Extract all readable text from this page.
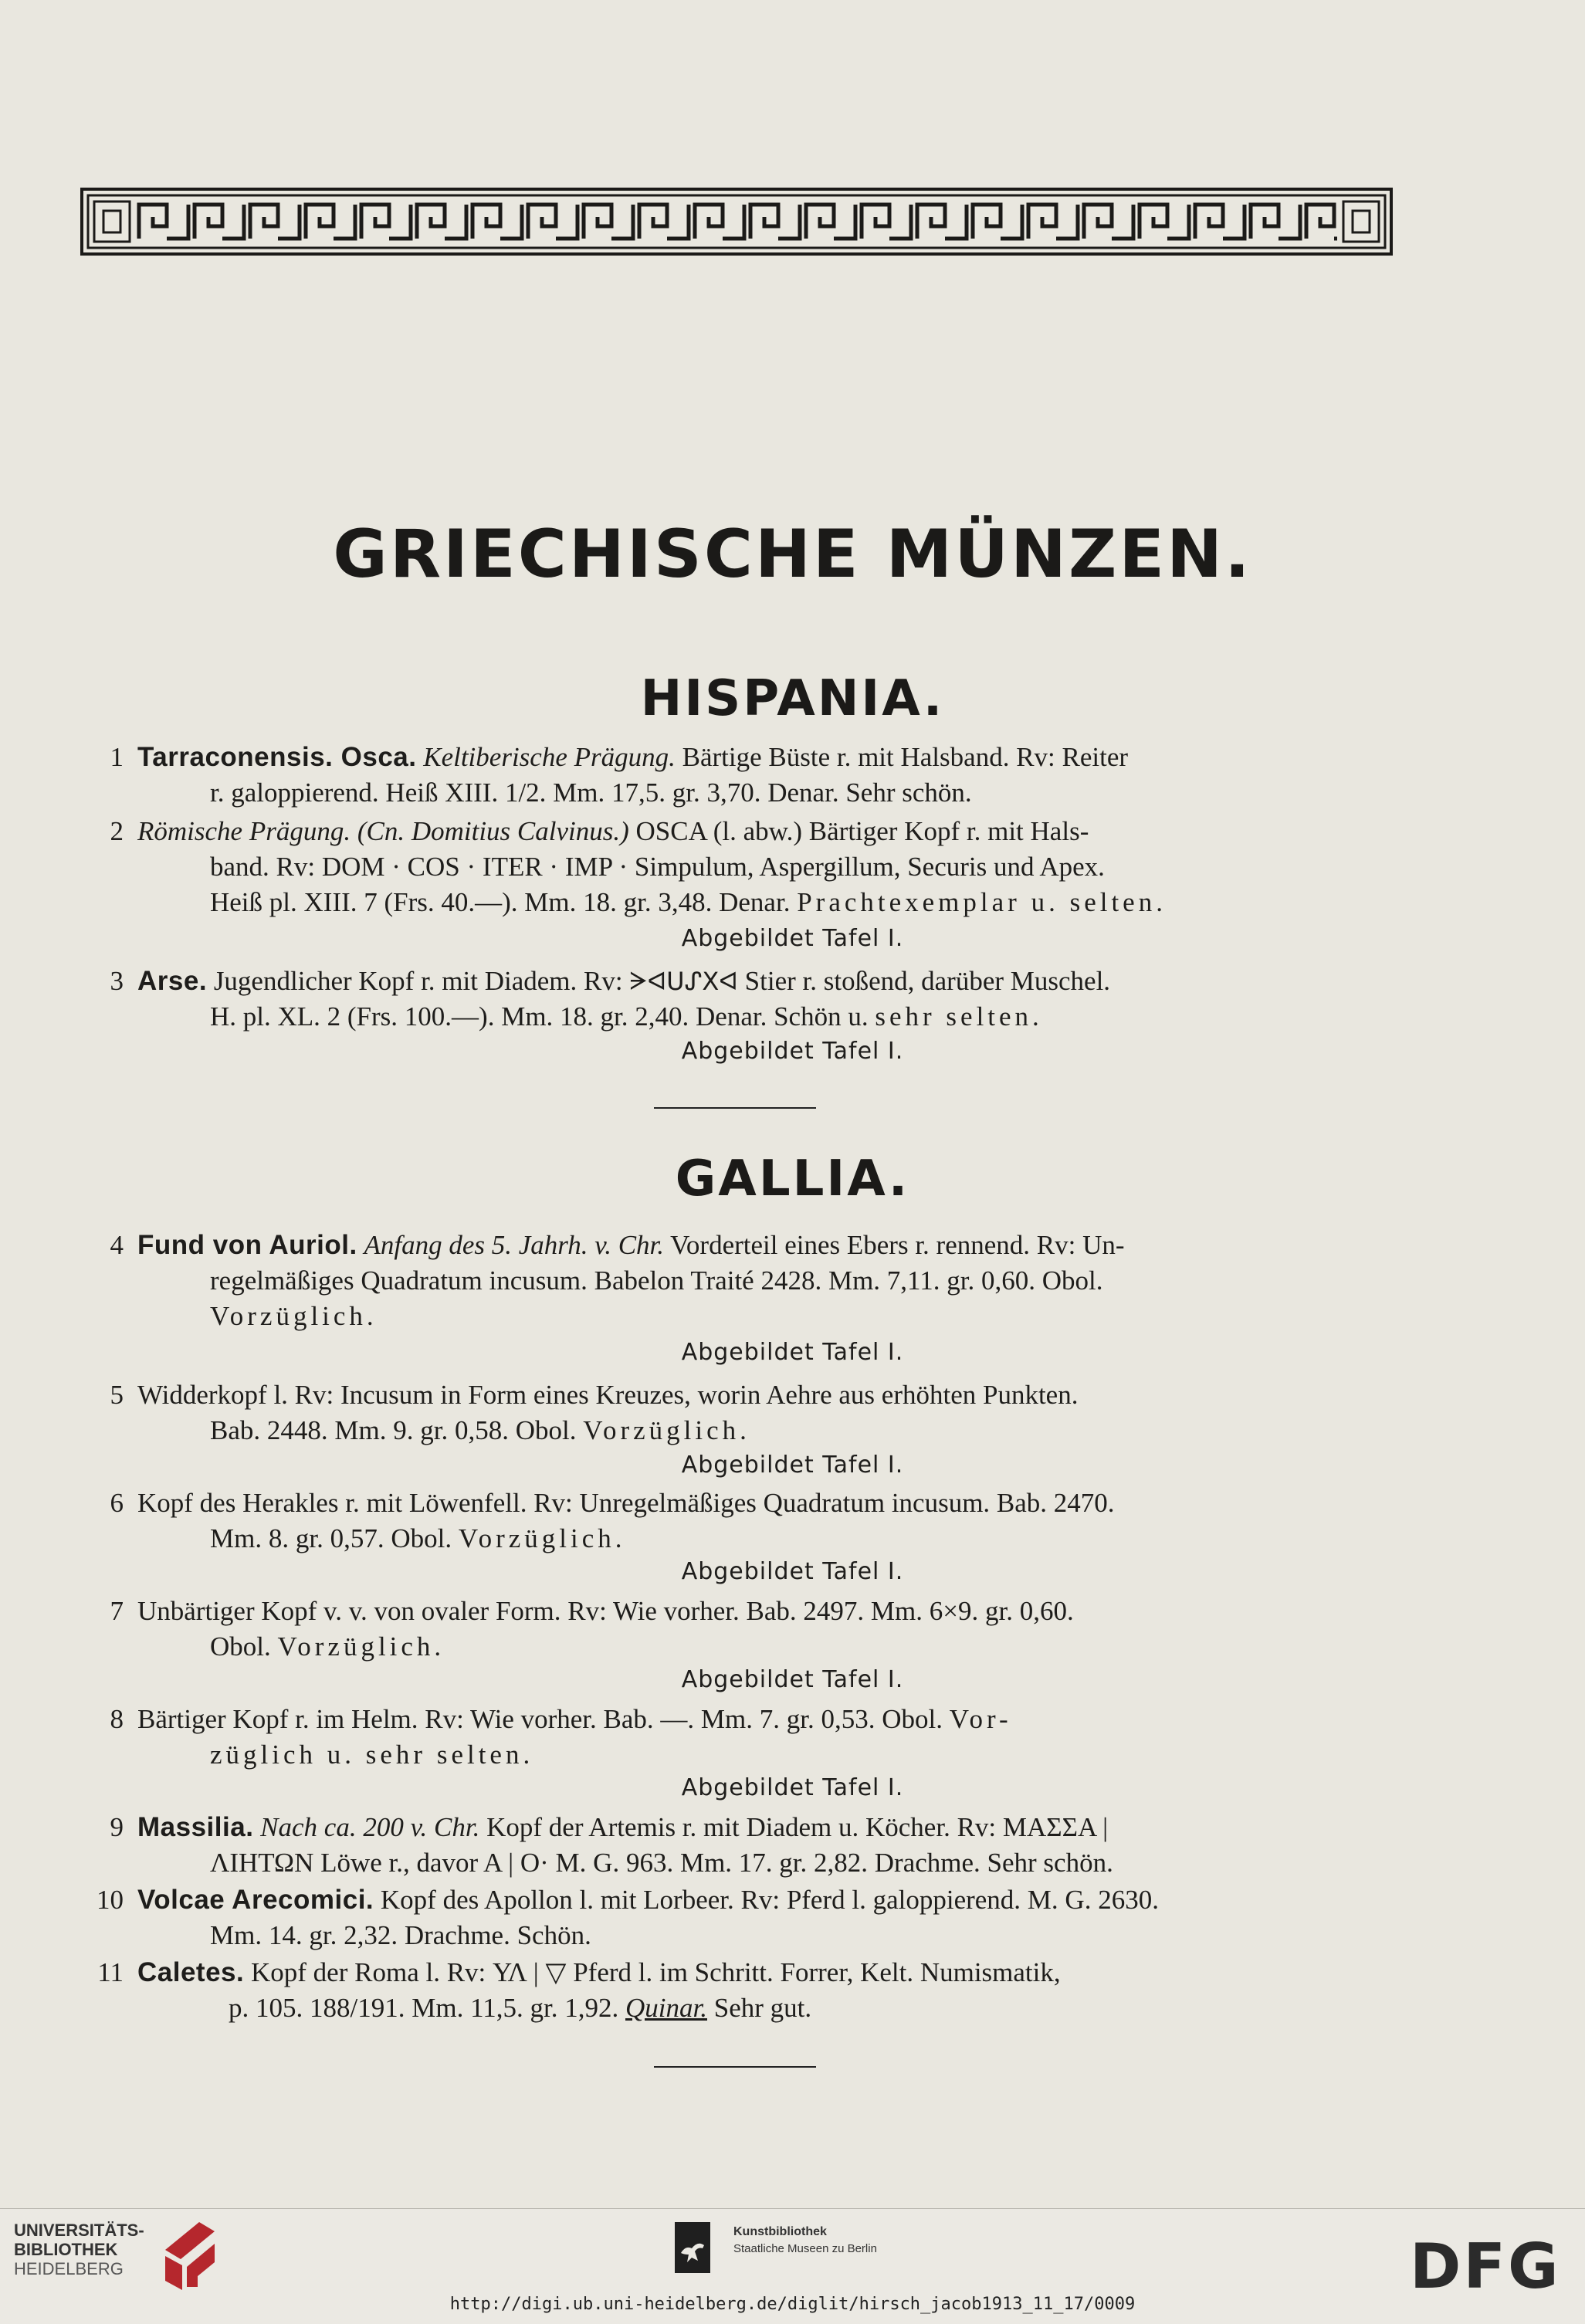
GRIECHISCHE MÜNZEN.
HISPANIA.
1 Tarraconensis. Osca. Keltiberische Prägung. Bärtige Büste r. mit Halsband. Rv: Reiter
r. galoppierend. Heiß XIII. 1/2. Mm. 17,5. gr. 3,70. Denar. Sehr schön.
2 Römische Prägung. (Cn. Domitius Calvinus.) OSCA (l. abw.) Bärtiger Kopf r. mit Hals-
band. Rv: DOM · COS · ITER · IMP · Simpulum, Aspergillum, Securis und Apex.
Heiß pl. XIII. 7 (Frs. 40.—). Mm. 18. gr. 3,48. Denar. Prachtexemplar u. selten.
Abgebildet Tafel I.
3 Arse. Jugendlicher Kopf r. mit Diadem. Rv: ᗒᐊᑌᔑXᐊ Stier r. stoßend, darüber Muschel.
H. pl. XL. 2 (Frs. 100.—). Mm. 18. gr. 2,40. Denar. Schön u. sehr selten.
Abgebildet Tafel I.
GALLIA.
4 Fund von Auriol. Anfang des 5. Jahrh. v. Chr. Vorderteil eines Ebers r. rennend. Rv: Un-
regelmäßiges Quadratum incusum. Babelon Traité 2428. Mm. 7,11. gr. 0,60. Obol.
Vorzüglich.
Abgebildet Tafel I.
5 Widderkopf l. Rv: Incusum in Form eines Kreuzes, worin Aehre aus erhöhten Punkten.
Bab. 2448. Mm. 9. gr. 0,58. Obol. Vorzüglich.
Abgebildet Tafel I.
6 Kopf des Herakles r. mit Löwenfell. Rv: Unregelmäßiges Quadratum incusum. Bab. 2470.
Mm. 8. gr. 0,57. Obol. Vorzüglich.
Abgebildet Tafel I.
7 Unbärtiger Kopf v. v. von ovaler Form. Rv: Wie vorher. Bab. 2497. Mm. 6×9. gr. 0,60.
Obol. Vorzüglich.
Abgebildet Tafel I.
8 Bärtiger Kopf r. im Helm. Rv: Wie vorher. Bab. —. Mm. 7. gr. 0,53. Obol. Vor-
züglich u. sehr selten.
Abgebildet Tafel I.
9 Massilia. Nach ca. 200 v. Chr. Kopf der Artemis r. mit Diadem u. Köcher. Rv: ΜΑΣΣΑ |
ΛΙΗΤΩΝ Löwe r., davor A | O· M. G. 963. Mm. 17. gr. 2,82. Drachme. Sehr schön.
10 Volcae Arecomici. Kopf des Apollon l. mit Lorbeer. Rv: Pferd l. galoppierend. M. G. 2630.
Mm. 14. gr. 2,32. Drachme. Schön.
11 Caletes. Kopf der Roma l. Rv: ΥΛ | ▽ Pferd l. im Schritt. Forrer, Kelt. Numismatik,
p. 105. 188/191. Mm. 11,5. gr. 1,92. Quinar. Sehr gut.
UNIVERSITÄTS-
BIBLIOTHEK
HEIDELBERG
Kunstbibliothek
Staatliche Museen zu Berlin	DFG
http://digi.ub.uni-heidelberg.de/diglit/hirsch_jacob1913_11_17/0009
